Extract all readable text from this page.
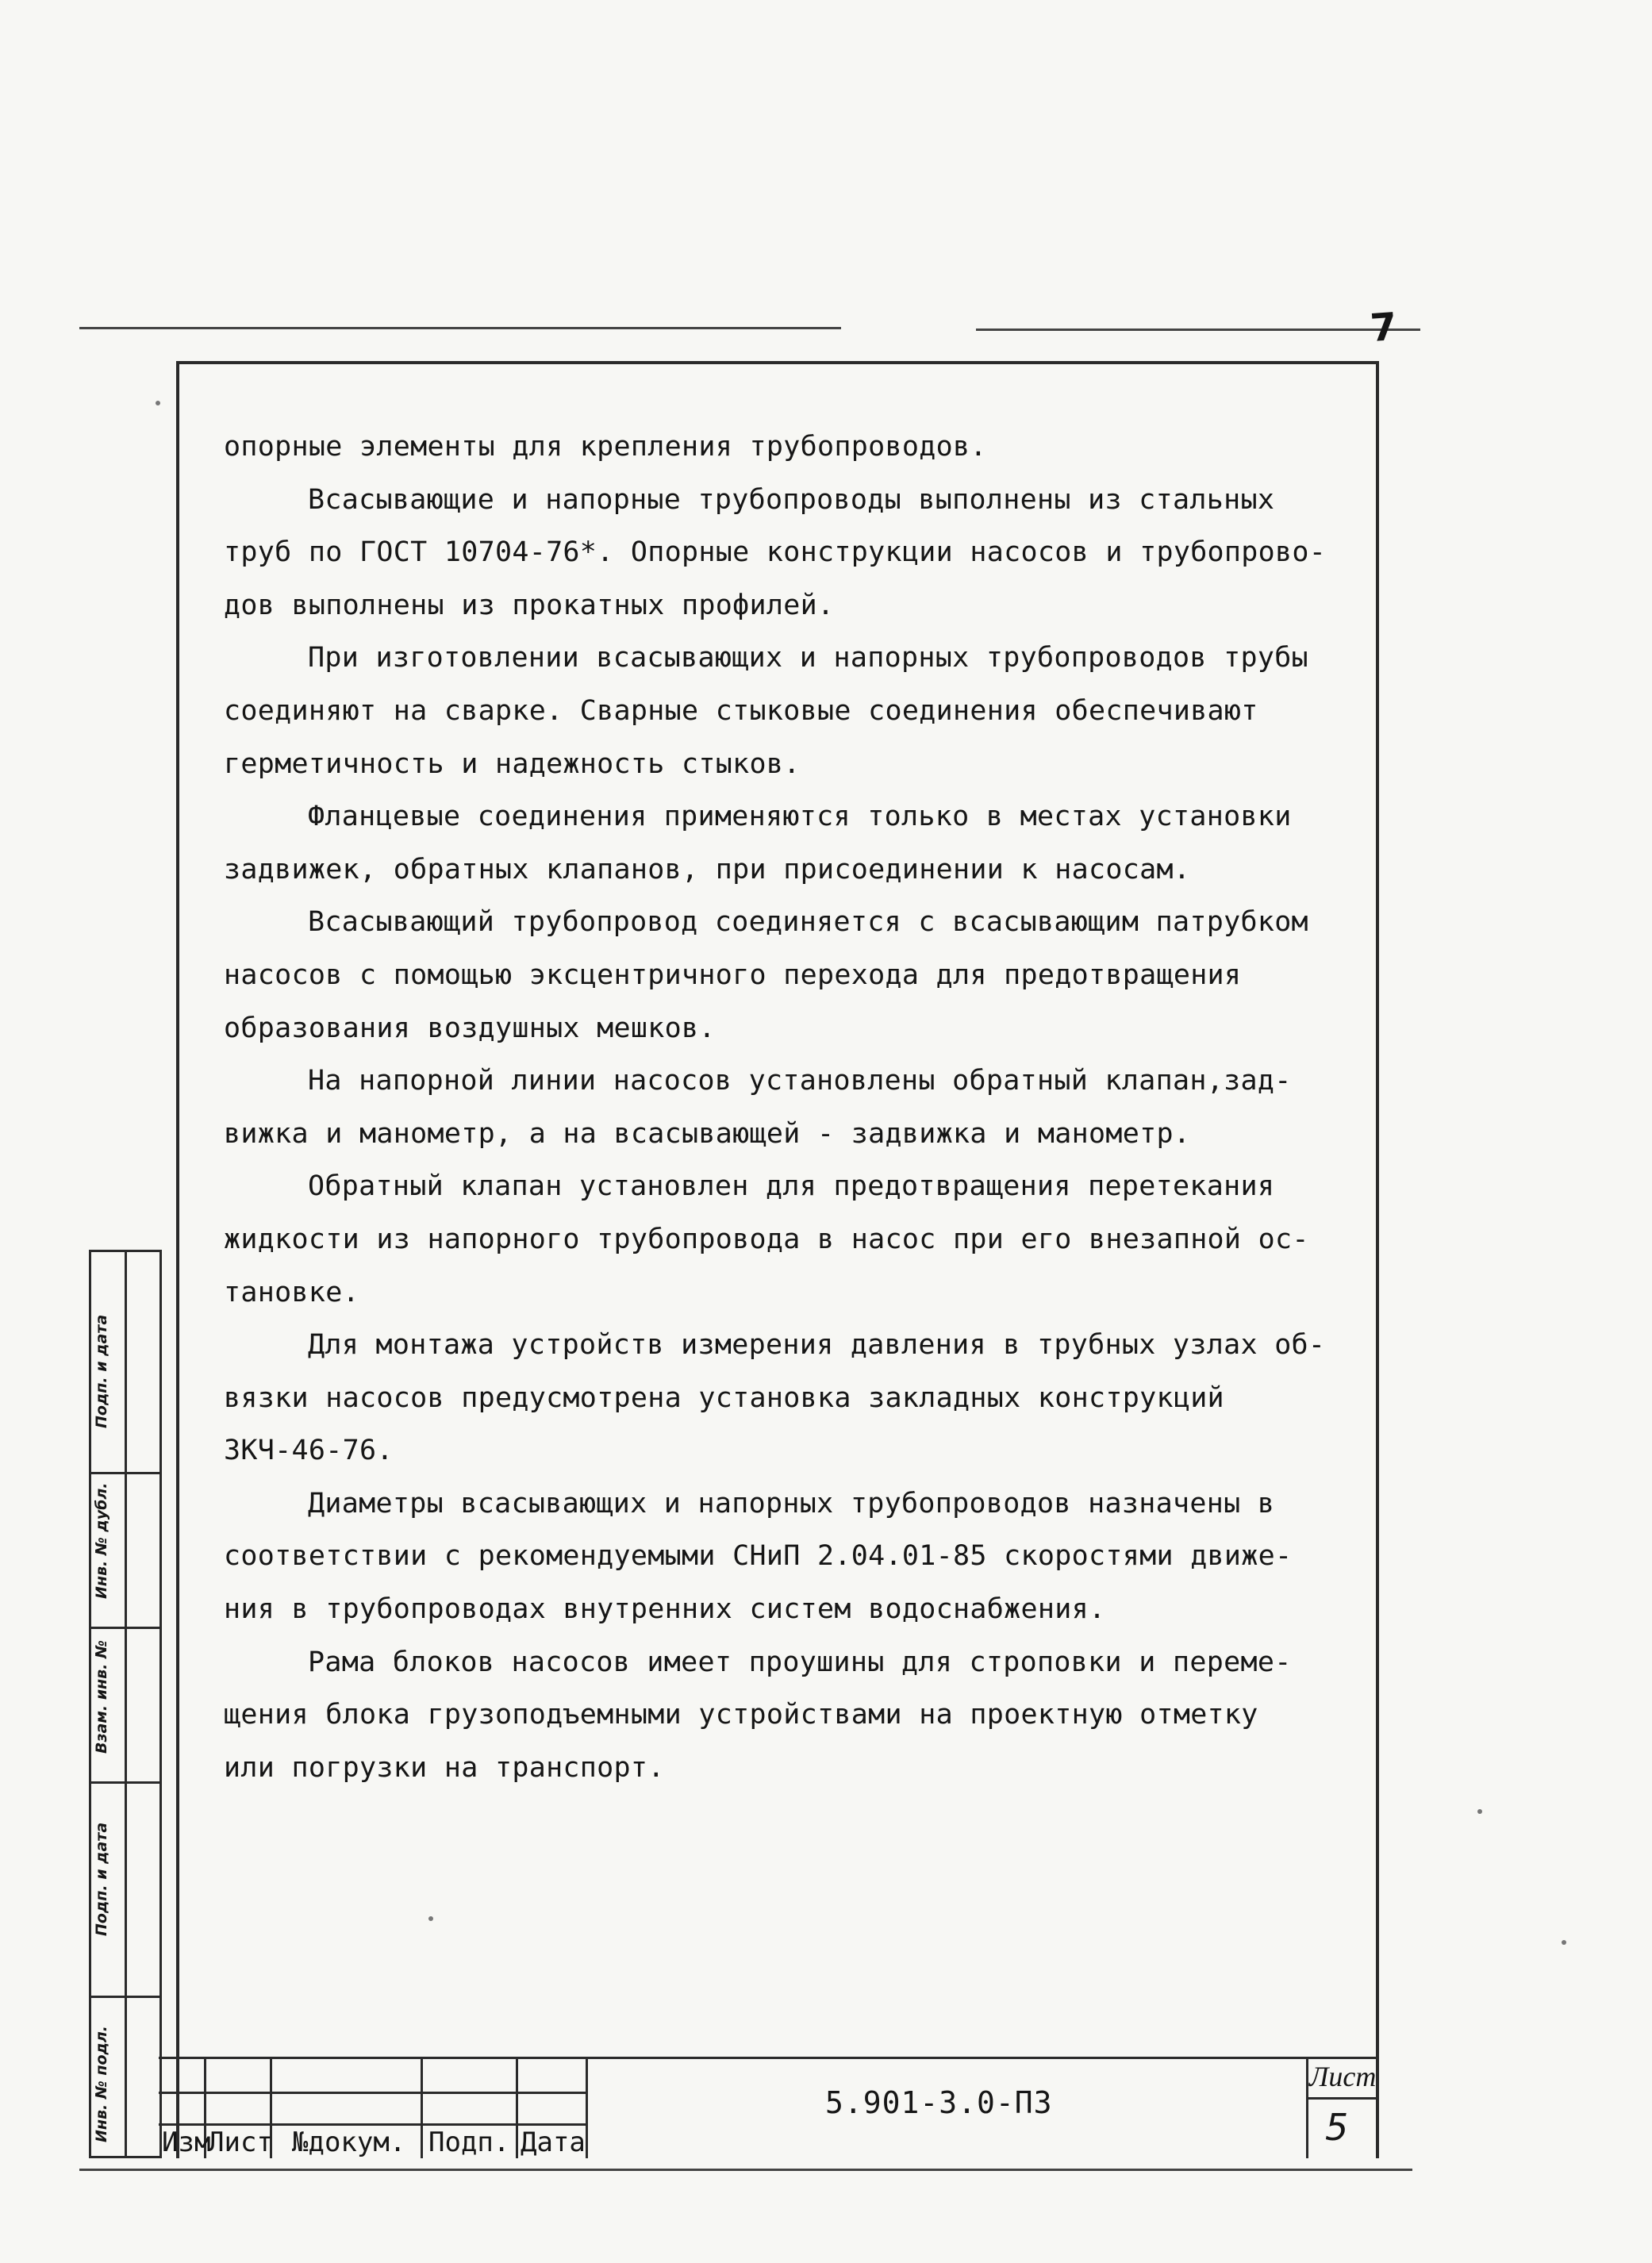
7

опорные элементы для крепления трубопроводов.

Всасывающие и напорные трубопроводы выполнены из стальных
труб по ГОСТ 10704-76*. Опорные конструкции насосов и трубопрово-
дов выполнены из прокатных профилей.

При изготовлении всасывающих и напорных трубопроводов трубы
соединяют на сварке. Сварные стыковые соединения обеспечивают
герметичность и надежность стыков.

Фланцевые соединения применяются только в местах установки
задвижек, обратных клапанов, при присоединении к насосам.

Всасывающий трубопровод соединяется с всасывающим патрубком
насосов с помощью эксцентричного перехода для предотвращения
образования воздушных мешков.

На напорной линии насосов установлены обратный клапан,зад-
вижка и манометр, а на всасывающей - задвижка и манометр.

Обратный клапан установлен для предотвращения перетекания
жидкости из напорного трубопровода в насос при его внезапной ос-
тановке.

Для монтажа устройств измерения давления в трубных узлах об-
вязки насосов предусмотрена установка закладных конструкций
ЗКЧ-46-76.

Диаметры всасывающих и напорных трубопроводов назначены в
соответствии с рекомендуемыми СНиП 2.04.01-85 скоростями движе-
ния в трубопроводах внутренних систем водоснабжения.

Рама блоков насосов имеет проушины для строповки и переме-
щения блока грузоподъемными устройствами на проектную отметку
или погрузки на транспорт.

Подп. и дата
Инв. № дубл.
Взам. инв. №
Подп. и дата
Инв. № подл. Изм
Лист №докум. Подп. Дата
5.901-3.0-ПЗ
Лист
5
